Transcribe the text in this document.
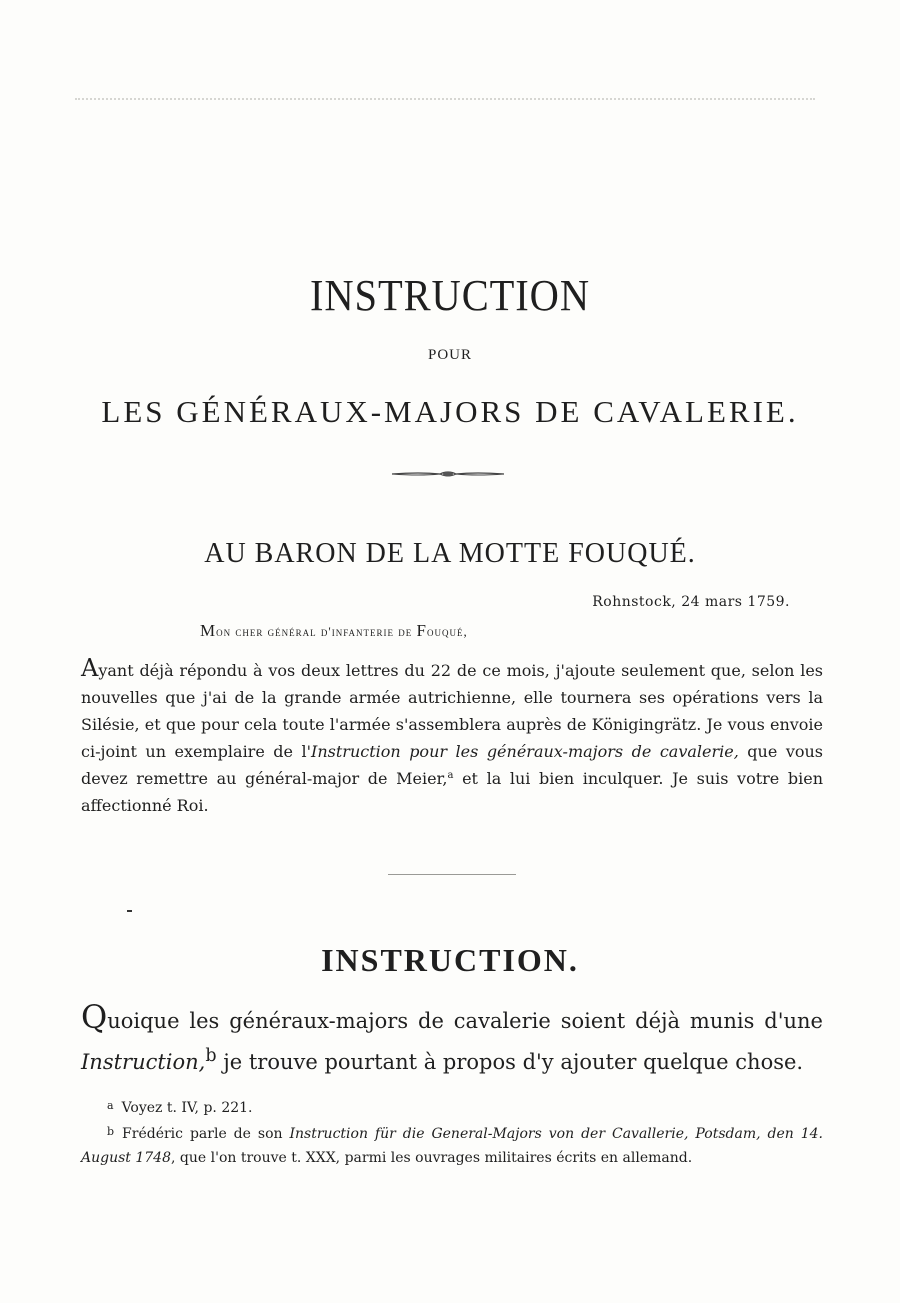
INSTRUCTION
POUR
LES GÉNÉRAUX-MAJORS DE CAVALERIE.
AU BARON DE LA MOTTE FOUQUÉ.
Rohnstock, 24 mars 1759.
Mon cher général d'infanterie de Fouqué,
Ayant déjà répondu à vos deux lettres du 22 de ce mois, j'ajoute seulement que, selon les nouvelles que j'ai de la grande armée autrichienne, elle tournera ses opérations vers la Silésie, et que pour cela toute l'armée s'assemblera auprès de Königingrätz. Je vous envoie ci-joint un exemplaire de l'Instruction pour les généraux-majors de cavalerie, que vous devez remettre au général-major de Meier,$^a$ et la lui bien inculquer. Je suis votre bien affectionné Roi.
INSTRUCTION.
Quoique les généraux-majors de cavalerie soient déjà munis d'une
Instruction,$^b$ je trouve pourtant à propos d'y ajouter quelque chose.

$^a$ Voyez t. IV, p. 221.

$^b$ Frédéric parle de son Instruction für die General-Majors von der Cavallerie, Potsdam, den 14. August 1748, que l'on trouve t. XXX, parmi les ouvrages militaires écrits en allemand.
